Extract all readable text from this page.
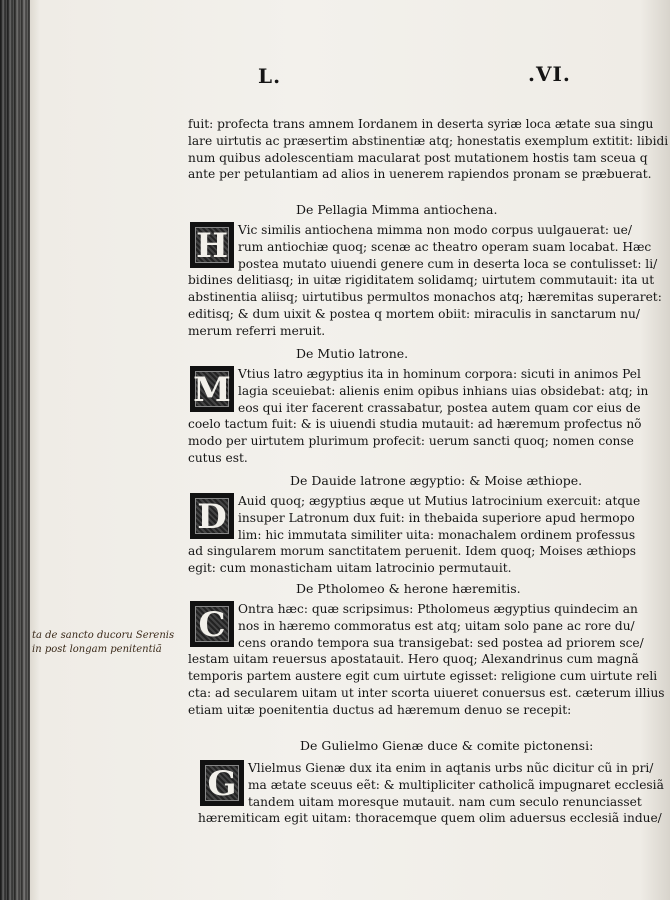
L.	.VI.
fuit: profecta trans amnem Iordanem in deserta syriæ loca ætate sua singu
lare uirtutis ac præsertim abstinentiæ atq; honestatis exemplum extitit: libidi
num quibus adolescentiam macularat post mutationem hostis tam sceua q
ante per petulantiam ad alios in uenerem rapiendos pronam se præbuerat.
De Pellagia Mimma antiochena.
H Vic similis antiochena mimma non modo corpus uulgauerat: ue/
rum antiochiæ quoq; scenæ ac theatro operam suam locabat. Hæc
postea mutato uiuendi genere cum in deserta loca se contulisset: li/
bidines delitiasq; in uitæ rigiditatem solidamq; uirtutem commutauit: ita ut
abstinentia aliisq; uirtutibus permultos monachos atq; hæremitas superaret:
editisq; & dum uixit & postea q mortem obiit: miraculis in sanctarum nu/
merum referri meruit.
De Mutio latrone.
M Vtius latro ægyptius ita in hominum corpora: sicuti in animos Pel
lagia sceuiebat: alienis enim opibus inhians uias obsidebat: atq; in
eos qui iter facerent crassabatur, postea autem quam cor eius de
coelo tactum fuit: & is uiuendi studia mutauit: ad hæremum profectus nõ
modo per uirtutem plurimum profecit: uerum sancti quoq; nomen conse
cutus est.
De Dauide latrone ægyptio: & Moise æthiope.
D Auid quoq; ægyptius æque ut Mutius latrocinium exercuit: atque
insuper Latronum dux fuit: in thebaida superiore apud hermopo
lim: hic immutata similiter uita: monachalem ordinem professus
ad singularem morum sanctitatem peruenit. Idem quoq; Moises æthiops
egit: cum monasticham uitam latrocinio permutauit.
De Ptholomeo & herone hæremitis.
C	Ontra hæc: quæ scripsimus: Ptholomeus ægyptius quindecim an
nos in hæremo commoratus est atq; uitam solo pane ac rore du/
cens orando tempora sua transigebat: sed postea ad priorem sce/
lestam uitam reuersus apostatauit. Hero quoq; Alexandrinus cum magnã
temporis partem austere egit cum uirtute egisset: religione cum uirtute reli
cta: ad secularem uitam ut inter scorta uiueret conuersus est. cæterum illius
etiam uitæ poenitentia ductus ad hæremum denuo se recepit:
ta de sancto ducoru Serenis
in post longam penitentiã
De Gulielmo Gienæ duce & comite pictonensi:
G Vlielmus Gienæ dux ita enim in aqtanis urbs nũc dicitur cũ in pri/
ma ætate sceuus eẽt: & multipliciter catholicã impugnaret ecclesiã
tandem uitam moresque mutauit. nam cum seculo renunciasset
hæremiticam egit uitam: thoracemque quem olim aduersus ecclesiã indue/
